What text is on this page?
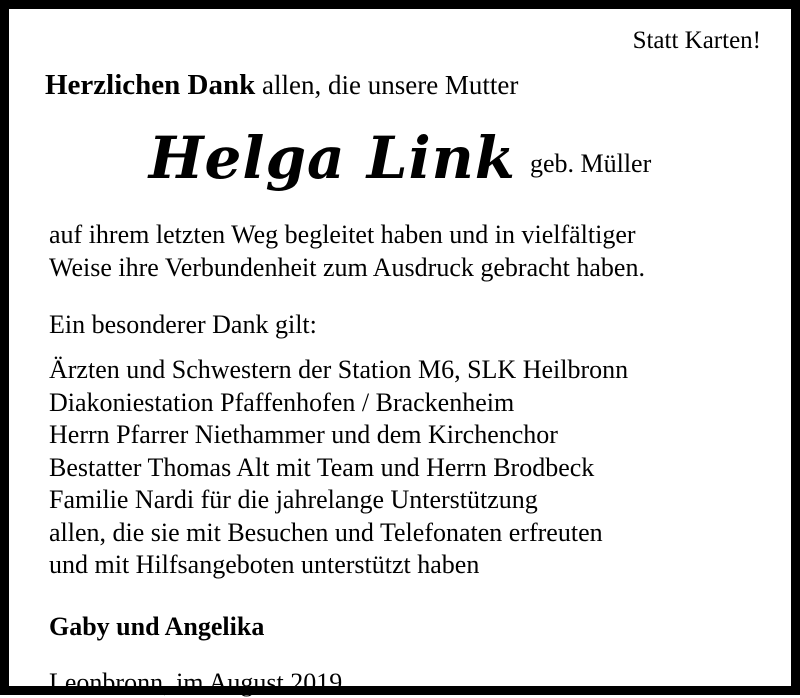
Statt Karten!
Herzlichen Dank allen, die unsere Mutter
Helga Link geb. Müller
auf ihrem letzten Weg begleitet haben und in vielfältiger
Weise ihre Verbundenheit zum Ausdruck gebracht haben.
Ein besonderer Dank gilt:
Ärzten und Schwestern der Station M6, SLK Heilbronn
Diakoniestation Pfaffenhofen / Brackenheim
Herrn Pfarrer Niethammer und dem Kirchenchor
Bestatter Thomas Alt mit Team und Herrn Brodbeck
Familie Nardi für die jahrelange Unterstützung
allen, die sie mit Besuchen und Telefonaten erfreuten
und mit Hilfsangeboten unterstützt haben
Gaby und Angelika
Leonbronn, im August 2019
